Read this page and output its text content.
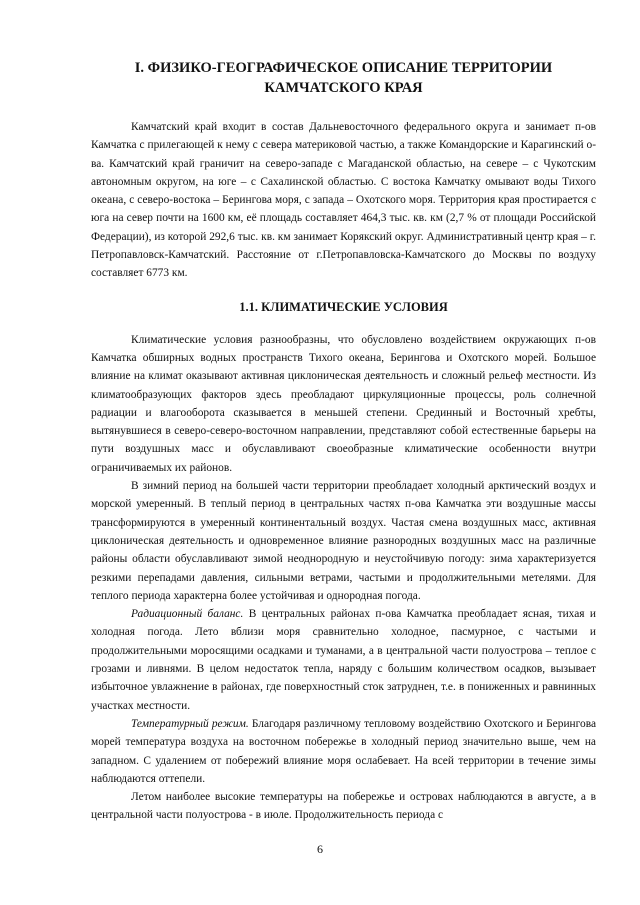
I. ФИЗИКО-ГЕОГРАФИЧЕСКОЕ ОПИСАНИЕ ТЕРРИТОРИИ
КАМЧАТСКОГО КРАЯ

Камчатский край входит в состав Дальневосточного федерального округа и занимает п-ов Камчатка с прилегающей к нему с севера материковой частью, а также Командорские и Карагинский о-ва. Камчатский край граничит на северо-западе с Магаданской областью, на севере – с Чукотским автономным округом, на юге – с Сахалинской областью. С востока Камчатку омывают воды Тихого океана, с северо-востока – Берингова моря, с запада – Охотского моря. Территория края простирается с юга на север почти на 1600 км, её площадь составляет 464,3 тыс. кв. км (2,7 % от площади Российской Федерации), из которой 292,6 тыс. кв. км занимает Корякский округ. Административный центр края – г. Петропавловск-Камчатский. Расстояние от г.Петропавловска-Камчатского до Москвы по воздуху составляет 6773 км.

1.1. КЛИМАТИЧЕСКИЕ УСЛОВИЯ

Климатические условия разнообразны, что обусловлено воздействием окружающих п-ов Камчатка обширных водных пространств Тихого океана, Берингова и Охотского морей. Большое влияние на климат оказывают активная циклоническая деятельность и сложный рельеф местности. Из климатообразующих факторов здесь преобладают циркуляционные процессы, роль солнечной радиации и влагооборота сказывается в меньшей степени. Срединный и Восточный хребты, вытянувшиеся в северо-северо-восточном направлении, представляют собой естественные барьеры на пути воздушных масс и обуславливают своеобразные климатические особенности внутри ограничиваемых их районов.

В зимний период на большей части территории преобладает холодный арктический воздух и морской умеренный. В теплый период в центральных частях п-ова Камчатка эти воздушные массы трансформируются в умеренный континентальный воздух. Частая смена воздушных масс, активная циклоническая деятельность и одновременное влияние разнородных воздушных масс на различные районы области обуславливают зимой неоднородную и неустойчивую погоду: зима характеризуется резкими перепадами давления, сильными ветрами, частыми и продолжительными метелями. Для теплого периода характерна более устойчивая и однородная погода.

Радиационный баланс. В центральных районах п-ова Камчатка преобладает ясная, тихая и холодная погода. Лето вблизи моря сравнительно холодное, пасмурное, с частыми и продолжительными моросящими осадками и туманами, а в центральной части полуострова – теплое с грозами и ливнями. В целом недостаток тепла, наряду с большим количеством осадков, вызывает избыточное увлажнение в районах, где поверхностный сток затруднен, т.е. в пониженных и равнинных участках местности.

Температурный режим. Благодаря различному тепловому воздействию Охотского и Берингова морей температура воздуха на восточном побережье в холодный период значительно выше, чем на западном. С удалением от побережий влияние моря ослабевает. На всей территории в течение зимы наблюдаются оттепели.

Летом наиболее высокие температуры на побережье и островах наблюдаются в августе, а в центральной части полуострова - в июле. Продолжительность периода с

6
